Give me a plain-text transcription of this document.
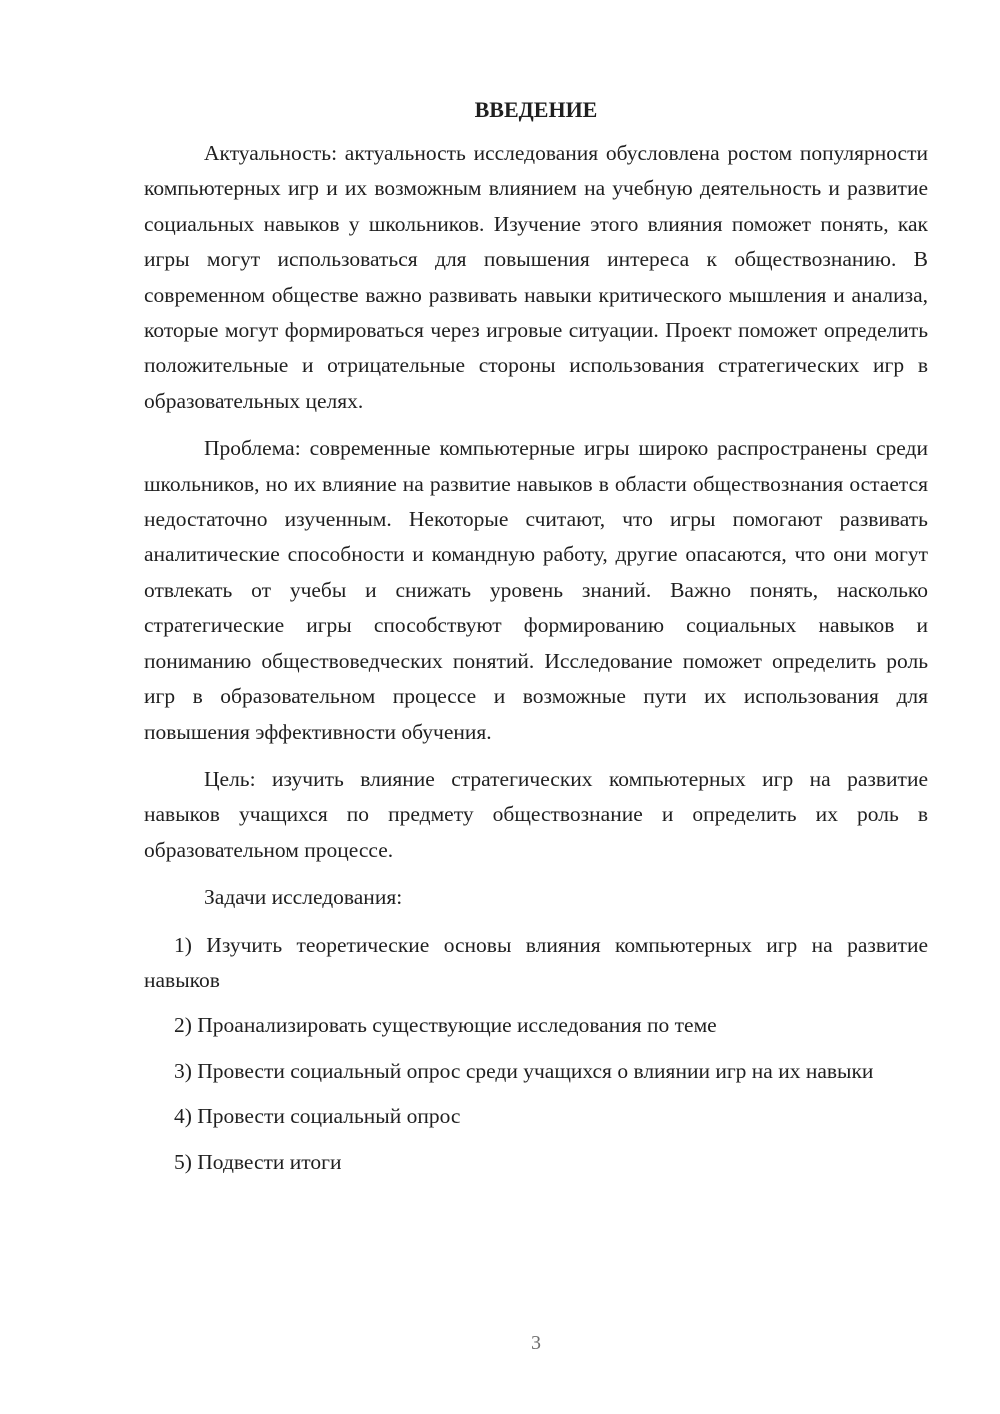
ВВЕДЕНИЕ

Актуальность: актуальность исследования обусловлена ростом популярности компьютерных игр и их возможным влиянием на учебную деятельность и развитие социальных навыков у школьников. Изучение этого влияния поможет понять, как игры могут использоваться для повышения интереса к обществознанию. В современном обществе важно развивать навыки критического мышления и анализа, которые могут формироваться через игровые ситуации. Проект поможет определить положительные и отрицательные стороны использования стратегических игр в образовательных целях.

Проблема: современные компьютерные игры широко распространены среди школьников, но их влияние на развитие навыков в области обществознания остается недостаточно изученным. Некоторые считают, что игры помогают развивать аналитические способности и командную работу, другие опасаются, что они могут отвлекать от учебы и снижать уровень знаний. Важно понять, насколько стратегические игры способствуют формированию социальных навыков и пониманию обществоведческих понятий. Исследование поможет определить роль игр в образовательном процессе и возможные пути их использования для повышения эффективности обучения.

Цель: изучить влияние стратегических компьютерных игр на развитие навыков учащихся по предмету обществознание и определить их роль в образовательном процессе.

Задачи исследования:

1) Изучить теоретические основы влияния компьютерных игр на развитие навыков

2) Проанализировать существующие исследования по теме

3) Провести социальный опрос среди учащихся о влиянии игр на их навыки

4) Провести социальный опрос

5) Подвести итоги

3
